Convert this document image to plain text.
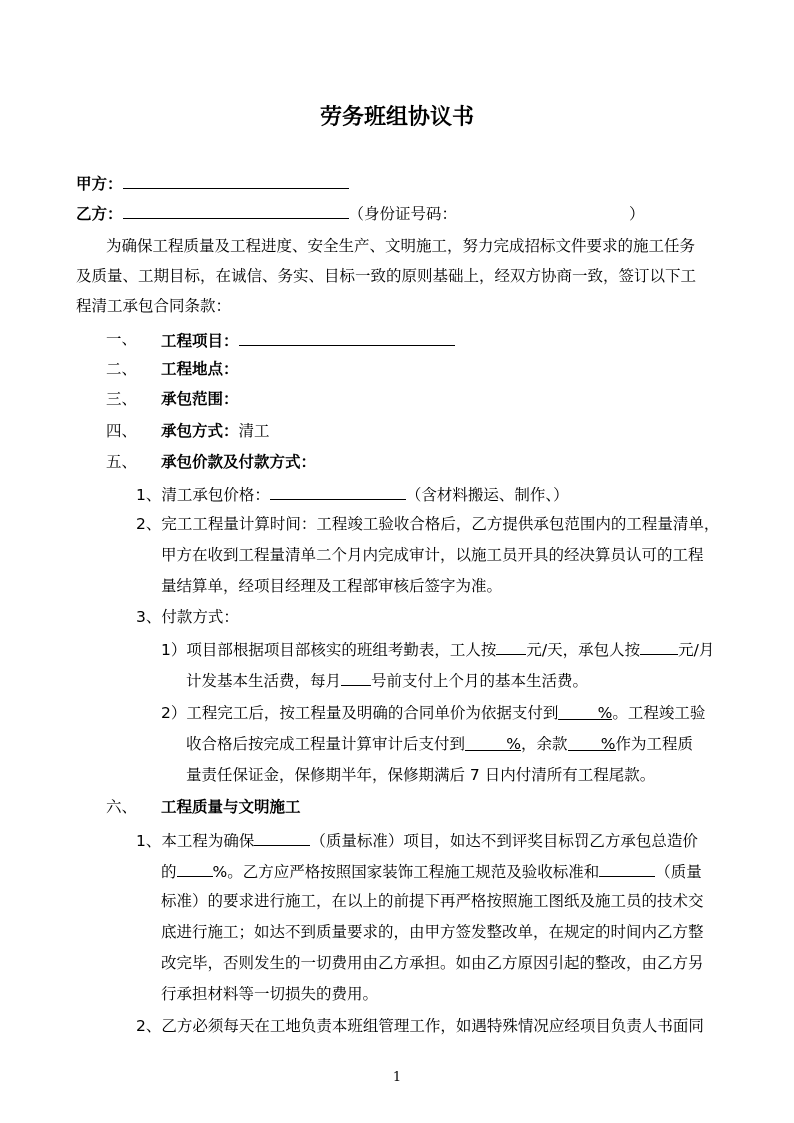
劳务班组协议书
甲方：
乙方：	（身份证号码：	）
为确保工程质量及工程进度、安全生产、文明施工，努力完成招标文件要求的施工任务
及质量、工期目标，在诚信、务实、目标一致的原则基础上，经双方协商一致，签订以下工
程清工承包合同条款：
一、 工程项目：
二、 工程地点：
三、 承包范围：
四、 承包方式：清工
五、 承包价款及付款方式：
1、清工承包价格：	（含材料搬运、制作、）
2、完工工程量计算时间：工程竣工验收合格后，乙方提供承包范围内的工程量清单，
甲方在收到工程量清单二个月内完成审计，以施工员开具的经决算员认可的工程
量结算单，经项目经理及工程部审核后签字为准。
3、付款方式：
1）项目部根据项目部核实的班组考勤表，工人按 元/天，承包人按 元/月
计发基本生活费，每月 号前支付上个月的基本生活费。
2）工程完工后，按工程量及明确的合同单价为依据支付到	%。工程竣工验
收合格后按完成工程量计算审计后支付到	%，余款 %作为工程质
量责任保证金，保修期半年，保修期满后 7 日内付清所有工程尾款。
六、 工程质量与文明施工
1、本工程为确保	（质量标准）项目，如达不到评奖目标罚乙方承包总造价
的 %。乙方应严格按照国家装饰工程施工规范及验收标准和	（质量
标准）的要求进行施工，在以上的前提下再严格按照施工图纸及施工员的技术交
底进行施工；如达不到质量要求的，由甲方签发整改单，在规定的时间内乙方整
改完毕，否则发生的一切费用由乙方承担。如由乙方原因引起的整改，由乙方另
行承担材料等一切损失的费用。
2、乙方必须每天在工地负责本班组管理工作，如遇特殊情况应经项目负责人书面同
1
